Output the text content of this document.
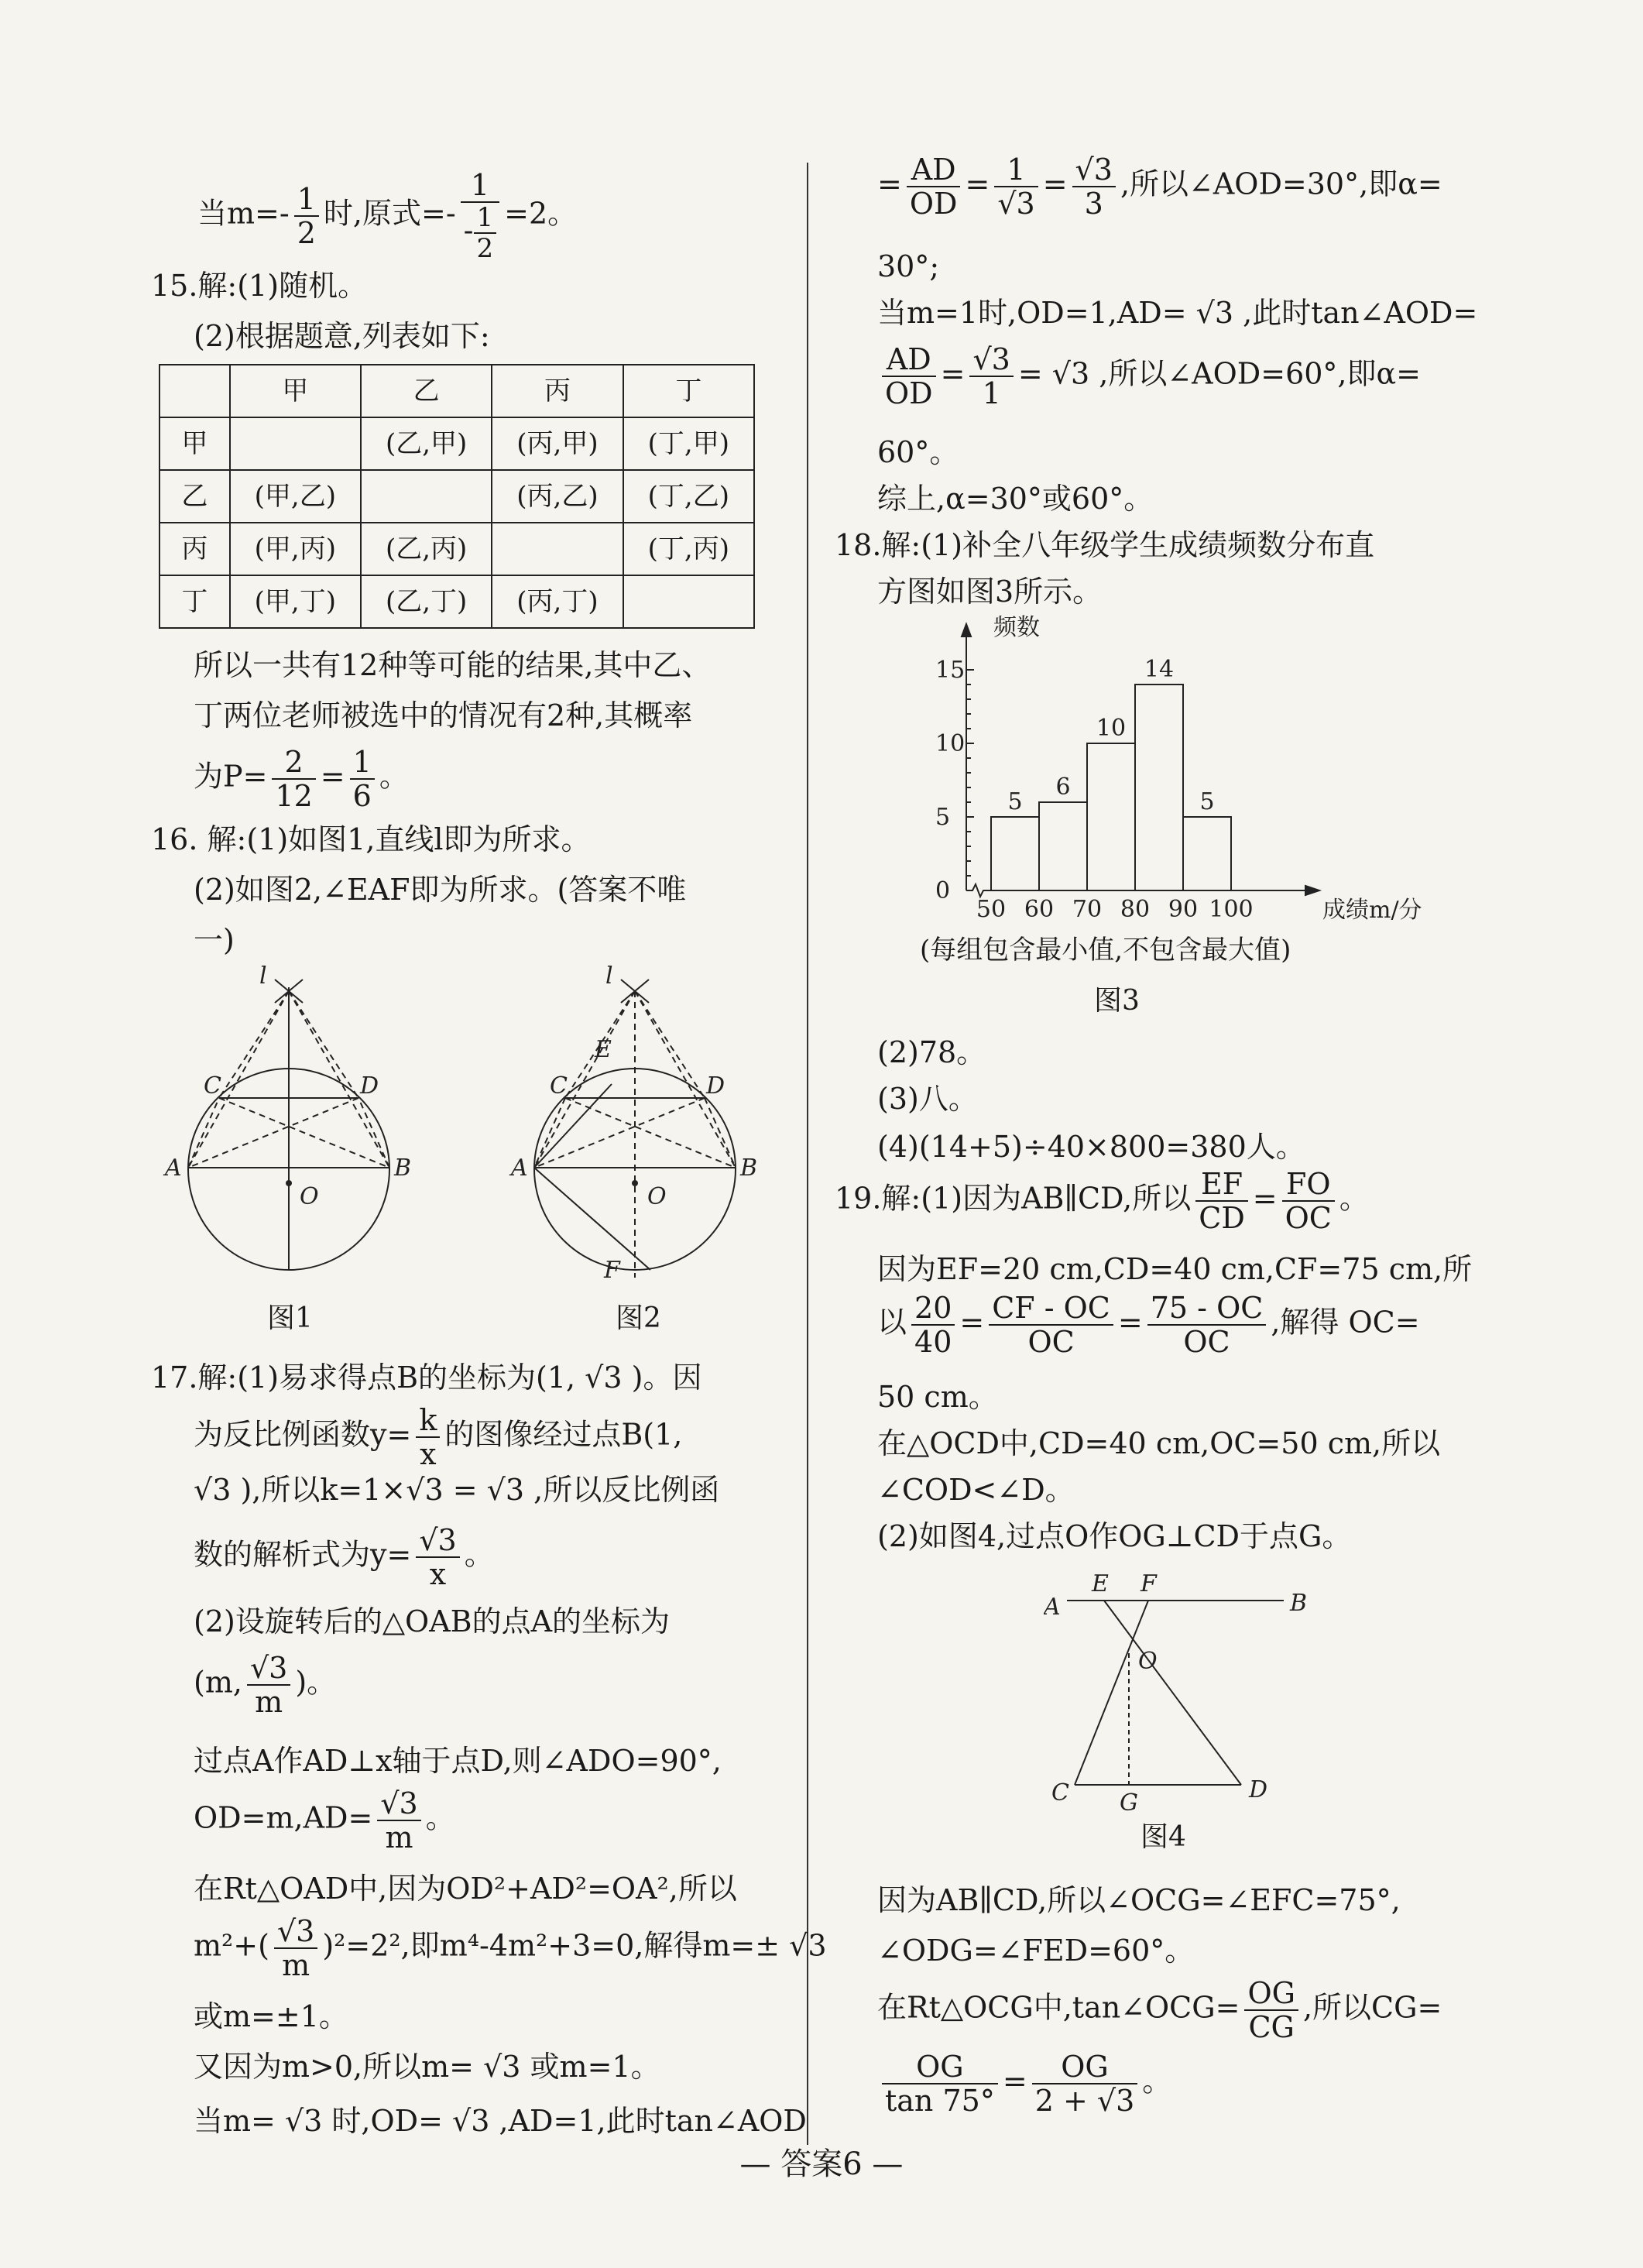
当$m=- \frac{1}{2}$ 时,原式=- $\frac{1}{- \frac{1}{2}} =2$。
15.解:(1)随机。
(2)根据题意,列表如下:
	甲	乙	丙	丁
甲		(乙,甲)	(丙,甲)	(丁,甲)
乙	(甲,乙)		(丙,乙)	(丁,乙)
丙	(甲,丙)	(乙,丙)		(丁,丙)
丁	(甲,丁)	(乙,丁)	(丙,丁)	
所以一共有12种等可能的结果,其中乙、
丁两位老师被选中的情况有2种,其概率
为$P= \frac{2}{12} = \frac{1}{6}$ 。
16. 解:(1)如图1,直线l即为所求。
(2)如图2,∠EAF即为所求。(答案不唯
一)
l
C	D
A	B
O
图1
l
E
C	D
A	B
O
F
图2
17.解:(1)易求得点B的坐标为(1, √3 )。因
为反比例函数$y= \frac{k}{x}$ 的图像经过点B(1,
√3 ),所以k=1×√3 = √3 ,所以反比例函
数的解析式为$y= \frac{√3}{x}$ 。
(2)设旋转后的△OAB的点A的坐标为
(m, $\frac{√3}{m}$ )。
过点A作AD⊥x轴于点D,则∠ADO=90°,
$OD=m,AD= \frac{√3}{m}$ 。
在Rt△OAD中,因为OD²+AD²=OA²,所以
$m^2+( \frac{√3}{m} )^2=2^2$,即m⁴-4m²+3=0,解得m=± √3
或m=±1。
又因为m>0,所以m= √3 或m=1。
当m= √3 时,OD= √3 ,AD=1,此时tan∠AOD
= $\frac{AD}{OD} = \frac{1}{√3} = \frac{√3}{3}$ ,所以∠AOD=30°,即α=
30°;
当m=1时,OD=1,AD= √3 ,此时tan∠AOD=
$\frac{AD}{OD} = \frac{√3}{1} = √3$ ,所以∠AOD=60°,即α=
60°。
综上,α=30°或60°。
18.解:(1)补全八年级学生成绩频数分布直
方图如图3所示。
频数
成绩m/分
5
6
10
14
5
0
5
10
15
50 60 70 80 90 100
(每组包含最小值,不包含最大值)
图3
(2)78。
(3)八。
(4)(14+5)÷40×800=380人。
19.解:(1)因为AB∥CD,所以 $\frac{EF}{CD} = \frac{FO}{OC}$ 。
因为EF=20 cm,CD=40 cm,CF=75 cm,所
以 $\frac{20}{40} = \frac{CF - OC}{OC} = \frac{75 - OC}{OC}$ ,解得 OC=
50 cm。
在△OCD中,CD=40 cm,OC=50 cm,所以
∠COD<∠D。
(2)如图4,过点O作OG⊥CD于点G。
A
E F
B
O
C G	D
图4
因为AB∥CD,所以∠OCG=∠EFC=75°,
∠ODG=∠FED=60°。
在Rt△OCG中,tan∠OCG= $\frac{OG}{CG}$ ,所以CG=
$\frac{OG}{\tan 75^\circ} = \frac{OG}{2 + √3}$ 。
— 答案6 —
